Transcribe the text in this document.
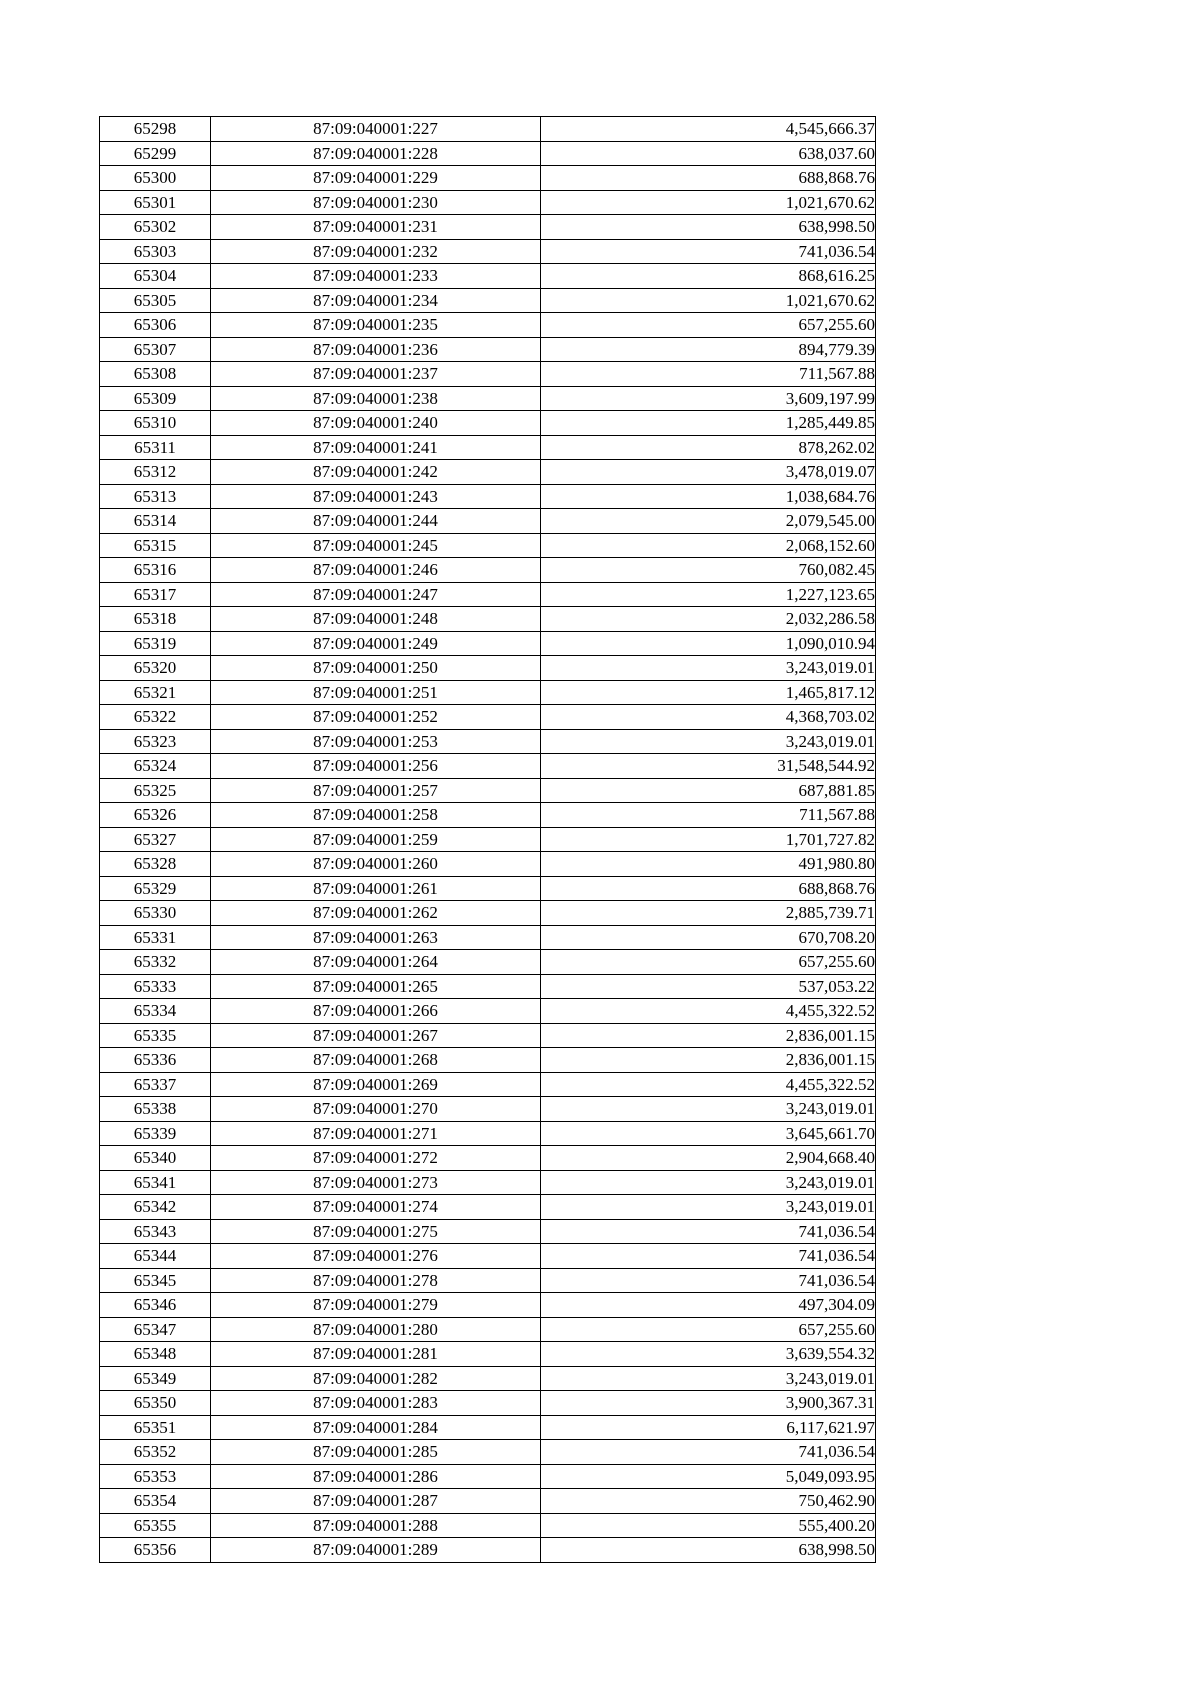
65298	87:09:040001:227	4,545,666.37
65299	87:09:040001:228	638,037.60
65300	87:09:040001:229	688,868.76
65301	87:09:040001:230	1,021,670.62
65302	87:09:040001:231	638,998.50
65303	87:09:040001:232	741,036.54
65304	87:09:040001:233	868,616.25
65305	87:09:040001:234	1,021,670.62
65306	87:09:040001:235	657,255.60
65307	87:09:040001:236	894,779.39
65308	87:09:040001:237	711,567.88
65309	87:09:040001:238	3,609,197.99
65310	87:09:040001:240	1,285,449.85
65311	87:09:040001:241	878,262.02
65312	87:09:040001:242	3,478,019.07
65313	87:09:040001:243	1,038,684.76
65314	87:09:040001:244	2,079,545.00
65315	87:09:040001:245	2,068,152.60
65316	87:09:040001:246	760,082.45
65317	87:09:040001:247	1,227,123.65
65318	87:09:040001:248	2,032,286.58
65319	87:09:040001:249	1,090,010.94
65320	87:09:040001:250	3,243,019.01
65321	87:09:040001:251	1,465,817.12
65322	87:09:040001:252	4,368,703.02
65323	87:09:040001:253	3,243,019.01
65324	87:09:040001:256	31,548,544.92
65325	87:09:040001:257	687,881.85
65326	87:09:040001:258	711,567.88
65327	87:09:040001:259	1,701,727.82
65328	87:09:040001:260	491,980.80
65329	87:09:040001:261	688,868.76
65330	87:09:040001:262	2,885,739.71
65331	87:09:040001:263	670,708.20
65332	87:09:040001:264	657,255.60
65333	87:09:040001:265	537,053.22
65334	87:09:040001:266	4,455,322.52
65335	87:09:040001:267	2,836,001.15
65336	87:09:040001:268	2,836,001.15
65337	87:09:040001:269	4,455,322.52
65338	87:09:040001:270	3,243,019.01
65339	87:09:040001:271	3,645,661.70
65340	87:09:040001:272	2,904,668.40
65341	87:09:040001:273	3,243,019.01
65342	87:09:040001:274	3,243,019.01
65343	87:09:040001:275	741,036.54
65344	87:09:040001:276	741,036.54
65345	87:09:040001:278	741,036.54
65346	87:09:040001:279	497,304.09
65347	87:09:040001:280	657,255.60
65348	87:09:040001:281	3,639,554.32
65349	87:09:040001:282	3,243,019.01
65350	87:09:040001:283	3,900,367.31
65351	87:09:040001:284	6,117,621.97
65352	87:09:040001:285	741,036.54
65353	87:09:040001:286	5,049,093.95
65354	87:09:040001:287	750,462.90
65355	87:09:040001:288	555,400.20
65356	87:09:040001:289	638,998.50
